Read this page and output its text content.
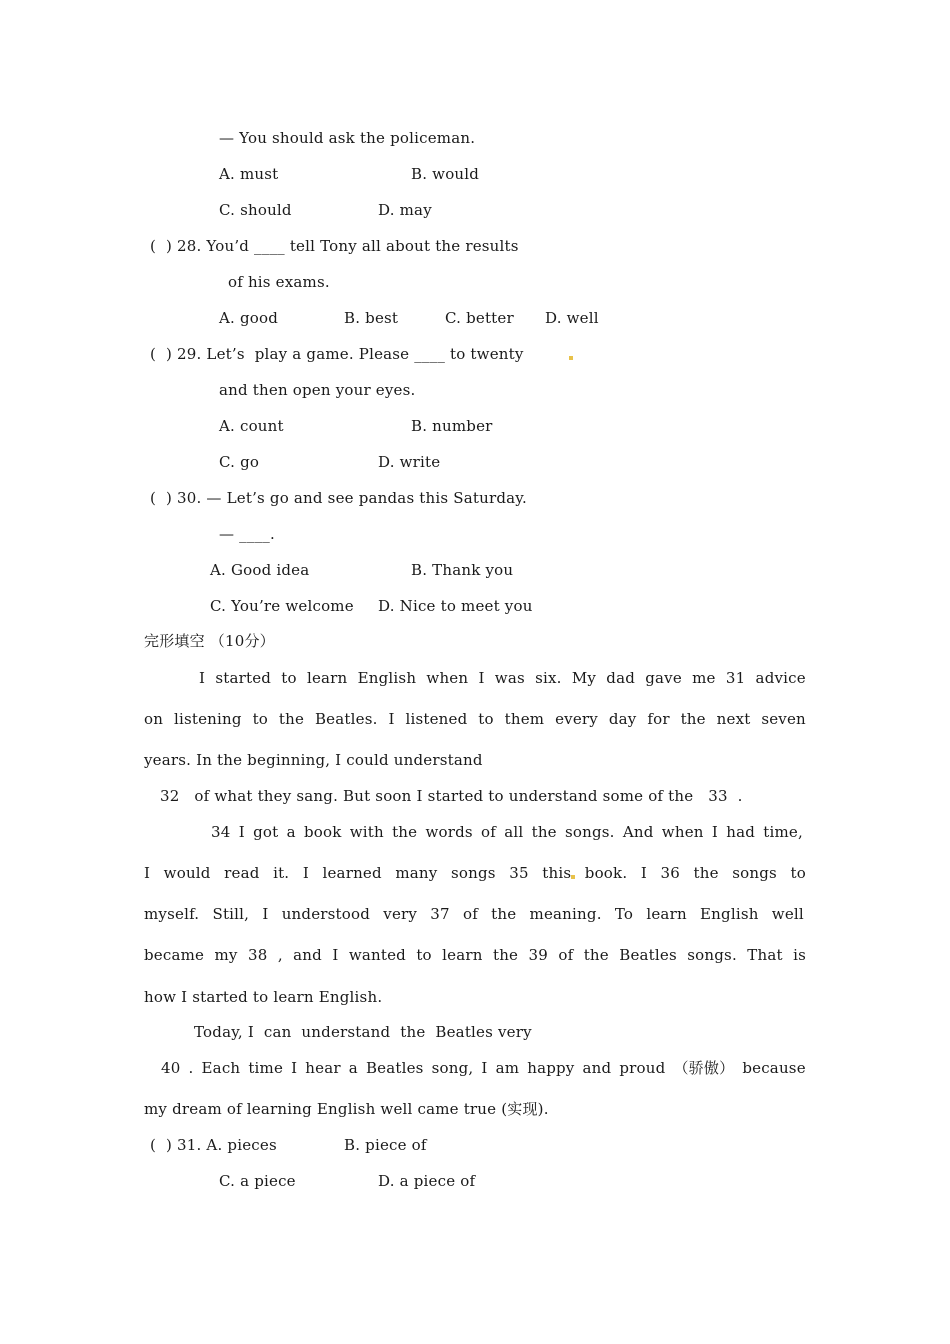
— You should ask the policeman.
A. must	B. would
C. should	D. may
(  ) 28. You’d ____ tell Tony all about the results
of his exams.
A. good	B. best	C. better D. well
(  ) 29. Let’s  play a game. Please ____ to twenty
and then open your eyes.
A. count	B. number
C. go	D. write
(  ) 30. — Let’s go and see pandas this Saturday.
— ____.
A. Good idea	B. Thank you
C. You’re welcome D. Nice to meet you
完形填空 （10分）
I started to learn English when I was six. My dad gave me 31 advice
on listening to the Beatles. I listened to them every day for the next seven
years. In the beginning, I could understand
32   of what they sang. But soon I started to understand some of the   33  .
34 I got a book with the words of all the songs. And when I had time,
I would read it. I learned many songs 35 this book. I 36 the songs to
myself. Still, I understood very 37 of the meaning. To learn English well
became my 38 , and I wanted to learn the 39 of the Beatles songs. That is
how I started to learn English.
Today, I  can  understand  the  Beatles very
40 . Each time I hear a Beatles song, I am happy and proud （骄傲） because
my dream of learning English well came true (实现).
(  ) 31. A. pieces	B. piece of
C. a piece	D. a piece of
